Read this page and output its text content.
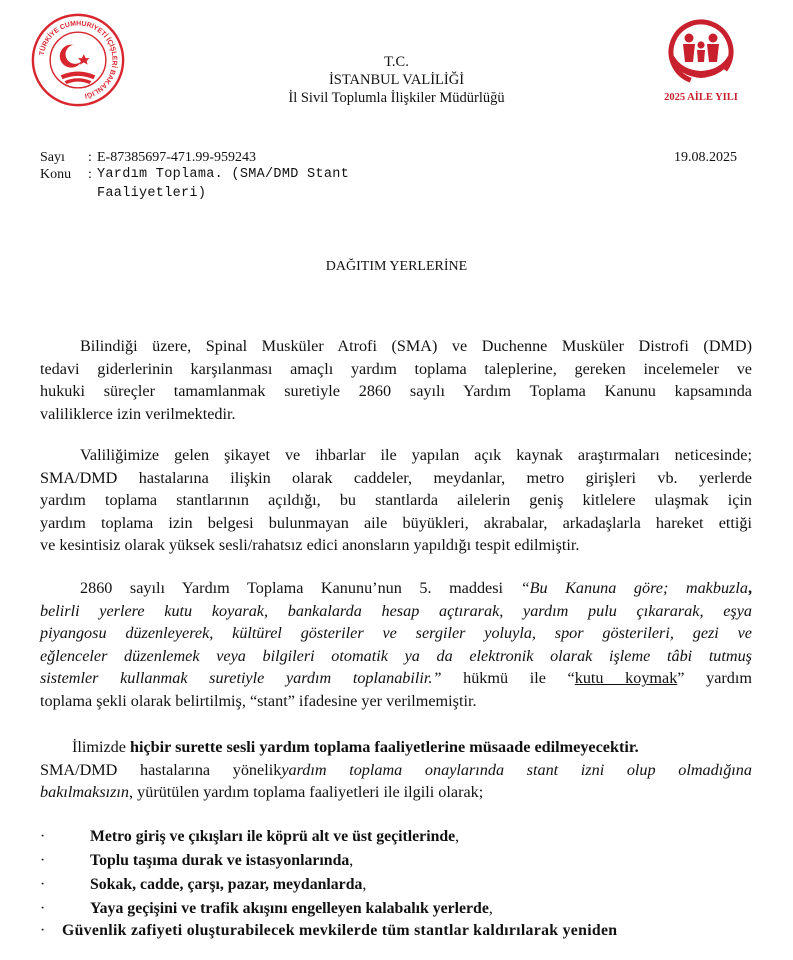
TÜRKİYE CUMHURİYETİ İÇİŞLERİ BAKANLIĞI
T.C.
İSTANBUL VALİLİĞİ
İl Sivil Toplumla İlişkiler Müdürlüğü	2025 AİLE YILI
Sayı : E-87385697-471.99-959243	19.08.2025
Konu : Yardım Toplama. (SMA/DMD Stant
Faaliyetleri)
DAĞITIM YERLERİNE
Bilindiği üzere, Spinal Musküler Atrofi (SMA) ve Duchenne Musküler Distrofi (DMD)
tedavi giderlerinin karşılanması amaçlı yardım toplama taleplerine, gereken incelemeler ve
hukuki süreçler tamamlanmak suretiyle 2860 sayılı Yardım Toplama Kanunu kapsamında
valiliklerce izin verilmektedir.
Valiliğimize gelen şikayet ve ihbarlar ile yapılan açık kaynak araştırmaları neticesinde;
SMA/DMD hastalarına ilişkin olarak caddeler, meydanlar, metro girişleri vb. yerlerde
yardım toplama stantlarının açıldığı, bu stantlarda ailelerin geniş kitlelere ulaşmak için
yardım toplama izin belgesi bulunmayan aile büyükleri, akrabalar, arkadaşlarla hareket ettiği
ve kesintisiz olarak yüksek sesli/rahatsız edici anonsların yapıldığı tespit edilmiştir.
2860 sayılı Yardım Toplama Kanunu’nun 5. maddesi “Bu Kanuna göre; makbuzla,
belirli yerlere kutu koyarak, bankalarda hesap açtırarak, yardım pulu çıkararak, eşya
piyangosu düzenleyerek, kültürel gösteriler ve sergiler yoluyla, spor gösterileri, gezi ve
eğlenceler düzenlemek veya bilgileri otomatik ya da elektronik olarak işleme tâbi tutmuş
sistemler kullanmak suretiyle yardım toplanabilir.” hükmü ile “kutu koymak” yardım
toplama şekli olarak belirtilmiş, “stant” ifadesine yer verilmemiştir.
İlimizde hiçbir surette sesli yardım toplama faaliyetlerine müsaade edilmeyecektir.
SMA/DMD hastalarına yönelikyardım toplama onaylarında stant izni olup olmadığına
bakılmaksızın, yürütülen yardım toplama faaliyetleri ile ilgili olarak;
·	Metro giriş ve çıkışları ile köprü alt ve üst geçitlerinde,
·	Toplu taşıma durak ve istasyonlarında,
·	Sokak, cadde, çarşı, pazar, meydanlarda,
·	Yaya geçişini ve trafik akışını engelleyen kalabalık yerlerde,
· Güvenlik zafiyeti oluşturabilecek mevkilerde tüm stantlar kaldırılarak yeniden
